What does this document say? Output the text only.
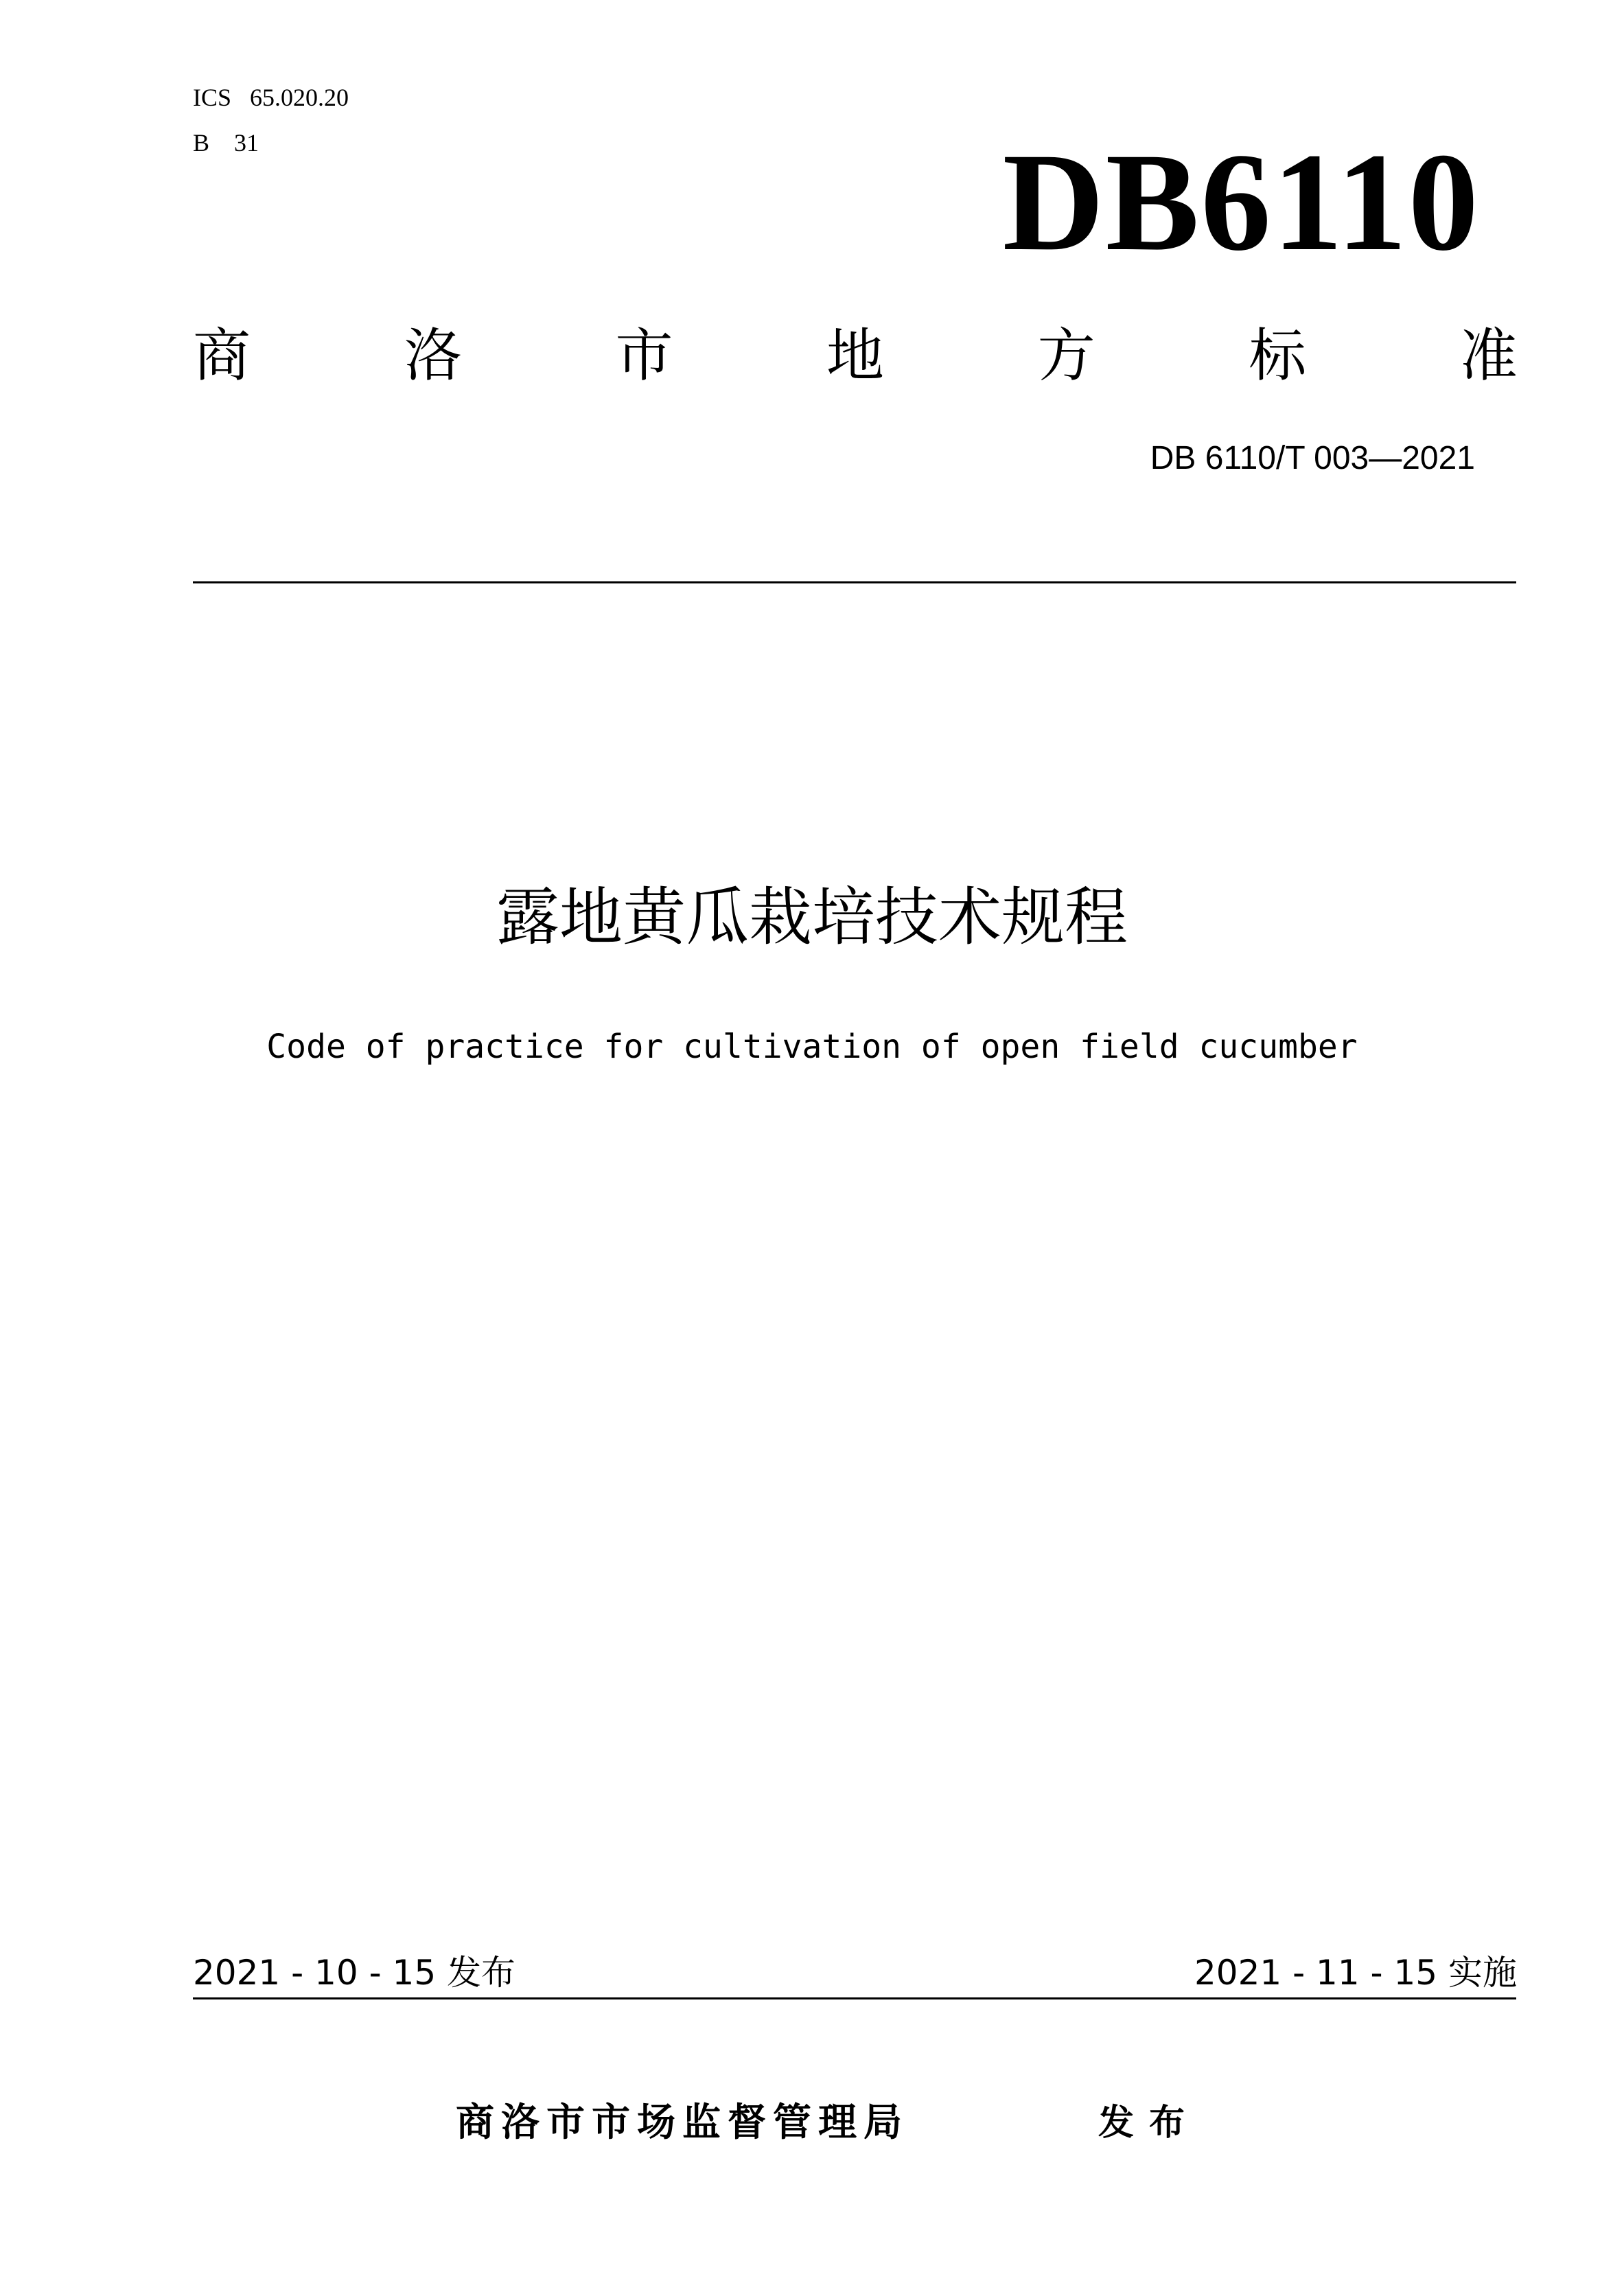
ICS   65.020.20
B    31	DB6110
商	洛	市	地	方	标	准
DB 6110/T 003—2021
露地黄瓜栽培技术规程
Code of practice for cultivation of open field cucumber
2021 - 10 - 15 发布	2021 - 11 - 15 实施
商洛市市场监督管理局	发布
